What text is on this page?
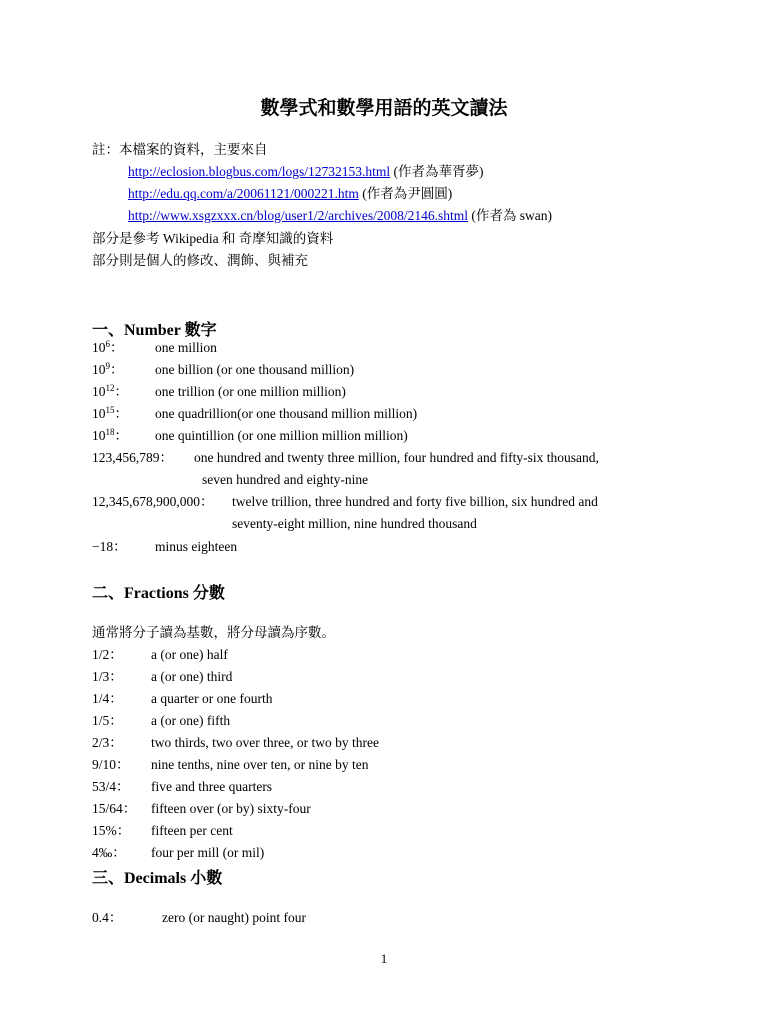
數學式和數學用語的英文讀法
註：本檔案的資料，主要來自
http://eclosion.blogbus.com/logs/12732153.html (作者為華胥夢)
http://edu.qq.com/a/20061121/000221.htm (作者為尹圓圓)
http://www.xsgzxxx.cn/blog/user1/2/archives/2008/2146.shtml (作者為 swan)
部分是參考 Wikipedia 和 奇摩知識的資料
部分則是個人的修改、潤飾、與補充
一、Number 數字
$10^6$： one million
$10^9$： one billion (or one thousand million)
$10^{12}$： one trillion (or one million million)
$10^{15}$： one quadrillion(or one thousand million million)
$10^{18}$： one quintillion (or one million million million)
123,456,789： one hundred and twenty three million, four hundred and fifty-six thousand,
seven hundred and eighty-nine
12,345,678,900,000： twelve trillion, three hundred and forty five billion, six hundred and
seventy-eight million, nine hundred thousand
−18： minus eighteen
二、Fractions 分數
通常將分子讀為基數，將分母讀為序數。
1/2： a (or one) half
1/3： a (or one) third
1/4： a quarter or one fourth
1/5： a (or one) fifth
2/3： two thirds, two over three, or two by three
9/10： nine tenths, nine over ten, or nine by ten
53/4： five and three quarters
15/64： fifteen over (or by) sixty-four
15%： fifteen per cent
4‰： four per mill (or mil)
三、Decimals 小數
0.4：	zero (or naught) point four
1
